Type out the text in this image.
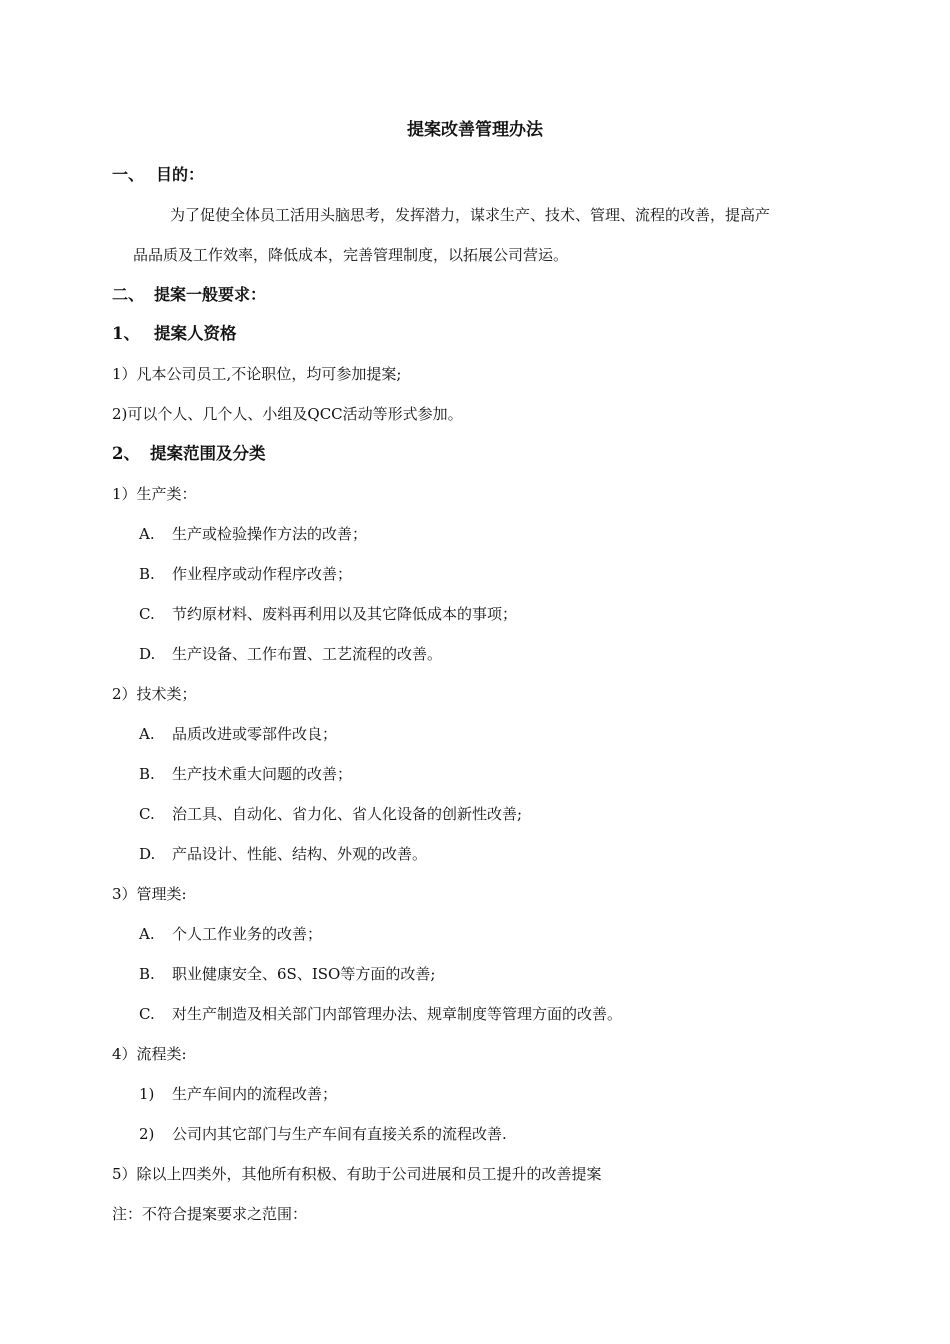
提案改善管理办法
一、 目的：
为了促使全体员工活用头脑思考，发挥潜力，谋求生产、技术、管理、流程的改善，提高产
品品质及工作效率，降低成本，完善管理制度，以拓展公司营运。
二、 提案一般要求：
1、 提案人资格
1）凡本公司员工,不论职位，均可参加提案;
2)可以个人、几个人、小组及QCC活动等形式参加。
2、 提案范围及分类
1）生产类：
A. 生产或检验操作方法的改善；
B. 作业程序或动作程序改善；
C. 节约原材料、废料再利用以及其它降低成本的事项；
D. 生产设备、工作布置、工艺流程的改善。
2）技术类；
A. 品质改进或零部件改良；
B. 生产技术重大问题的改善；
C. 治工具、自动化、省力化、省人化设备的创新性改善;
D. 产品设计、性能、结构、外观的改善。
3）管理类:
A. 个人工作业务的改善；
B. 职业健康安全、6S、ISO等方面的改善;
C. 对生产制造及相关部门内部管理办法、规章制度等管理方面的改善。
4）流程类:
1) 生产车间内的流程改善；
2) 公司内其它部门与生产车间有直接关系的流程改善.
5）除以上四类外，其他所有积极、有助于公司进展和员工提升的改善提案
注：不符合提案要求之范围：
